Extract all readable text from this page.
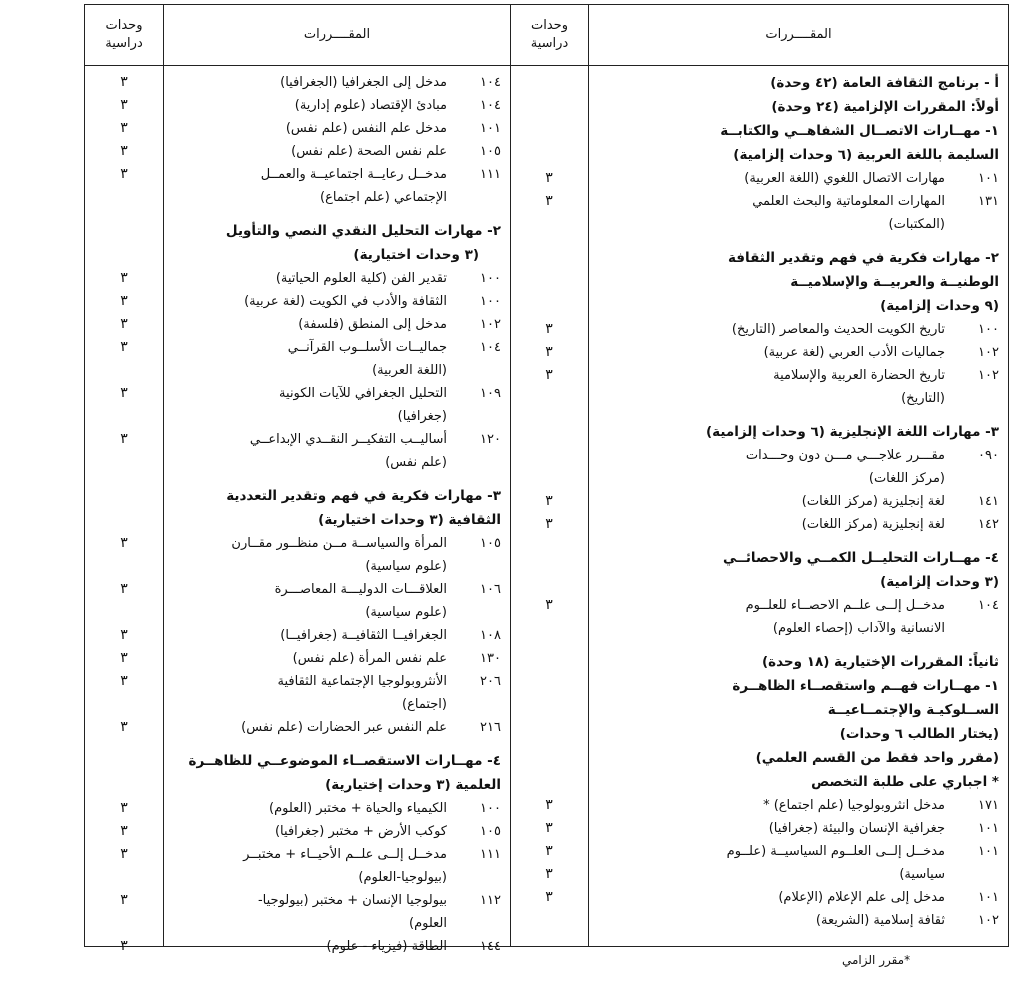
وحدات دراسية
المقــــررات
وحدات دراسية
المقــــررات
أ - برنامج الثقافة العامة (٤٢ وحدة)
أولاً: المقررات الإلزامية (٢٤ وحدة)
١- مهــارات الاتصــال الشفاهــي والكتابــة
السليمة باللغة العربية (٦ وحدات إلزامية)
١٠١
مهارات الاتصال اللغوي (اللغة العربية)
١٣١
المهارات المعلوماتية والبحث العلمي
(المكتبات)
٢- مهارات فكرية في فهم وتقدير الثقافة
الوطنيــة والعربيــة والإسلاميــة
(٩ وحدات إلزامية)
١٠٠
تاريخ الكويت الحديث والمعاصر (التاريخ)
١٠٢
جماليات الأدب العربي (لغة عربية)
١٠٢
تاريخ الحضارة العربية والإسلامية
(التاريخ)
٣- مهارات اللغة الإنجليزية (٦ وحدات إلزامية)
٠٩٠
مقـــرر علاجـــي مـــن دون وحـــدات
(مركز اللغات)
١٤١
لغة إنجليزية (مركز اللغات)
١٤٢
لغة إنجليزية (مركز اللغات)
٤- مهــارات التحليــل الكمــي والاحصائــي
(٣ وحدات إلزامية)
١٠٤
مدخــل إلــى علــم الاحصــاء للعلــوم
الانسانية والآداب (إحصاء العلوم)
ثانياً: المقررات الإختيارية (١٨ وحدة)
١- مهــارات فهــم واستقصــاء الظاهــرة
الســلوكيـة والإجتمــاعيــة
(يختار الطالب ٦ وحدات)
(مقرر واحد فقط من القسم العلمي)
* اجباري على طلبة التخصص
١٧١
مدخل انثروبولوجيا (علم اجتماع) *
١٠١
جغرافية الإنسان والبيئة (جغرافيا)
١٠١
مدخــل إلــى العلــوم السياسيــة (علــوم
سياسية)
١٠١
مدخل إلى علم الإعلام (الإعلام)
١٠٢
ثقافة إسلامية (الشريعة)
١٠٤
مدخل إلى الجغرافيا (الجغرافيا)
١٠٤
مبادئ الإقتصاد (علوم إدارية)
١٠١
مدخل علم النفس (علم نفس)
١٠٥
علم نفس الصحة (علم نفس)
١١١
مدخــل رعايــة اجتماعيــة والعمــل
الإجتماعي (علم اجتماع)
٢- مهارات التحليل النقدي النصي والتأويل
(٣ وحدات اختيارية)
١٠٠
تقدير الفن (كلية العلوم الحياتية)
١٠٠
الثقافة والأدب في الكويت (لغة عربية)
١٠٢
مدخل إلى المنطق (فلسفة)
١٠٤
جماليــات الأسلــوب القرآنــي
(اللغة العربية)
١٠٩
التحليل الجغرافي للآيات الكونية
(جغرافيا)
١٢٠
أساليــب التفكيــر النقــدي الإبداعــي
(علم نفس)
٣- مهارات فكرية في فهم وتقدير التعددية
الثقافية (٣ وحدات اختيارية)
١٠٥
المرأة والسياســة مــن منظــور مقــارن
(علوم سياسية)
١٠٦
العلاقـــات الدوليـــة المعاصـــرة
(علوم سياسية)
١٠٨
الجغرافيــا الثقافيــة (جغرافيــا)
١٣٠
علم نفس المرأة (علم نفس)
٢٠٦
الأنثروبولوجيا الإجتماعية الثقافية
(اجتماع)
٢١٦
علم النفس عبر الحضارات (علم نفس)
٤- مهــارات الاستقصــاء الموضوعــي للظاهــرة
العلمية (٣ وحدات إختيارية)
١٠٠
الكيمياء والحياة + مختبر (العلوم)
١٠٥
كوكب الأرض + مختبر (جغرافيا)
١١١
مدخــل إلــى علــم الأحيــاء + مختبــر
(بيولوجيا-العلوم)
١١٢
بيولوجيا الإنسان + مختبر (بيولوجيا-
العلوم)
١٤٤
الطاقة (فيزياء - علوم)
٣
٣
٣
٣
٣
٣
٣
٣
٣
٣
٣
٣
٣
٣
٣
٣
٣
٣
٣
٣
٣
٣
٣
٣
٣
٣
٣
٣
٣
٣
٣
٣
٣
٣
٣
*مقرر الزامي
